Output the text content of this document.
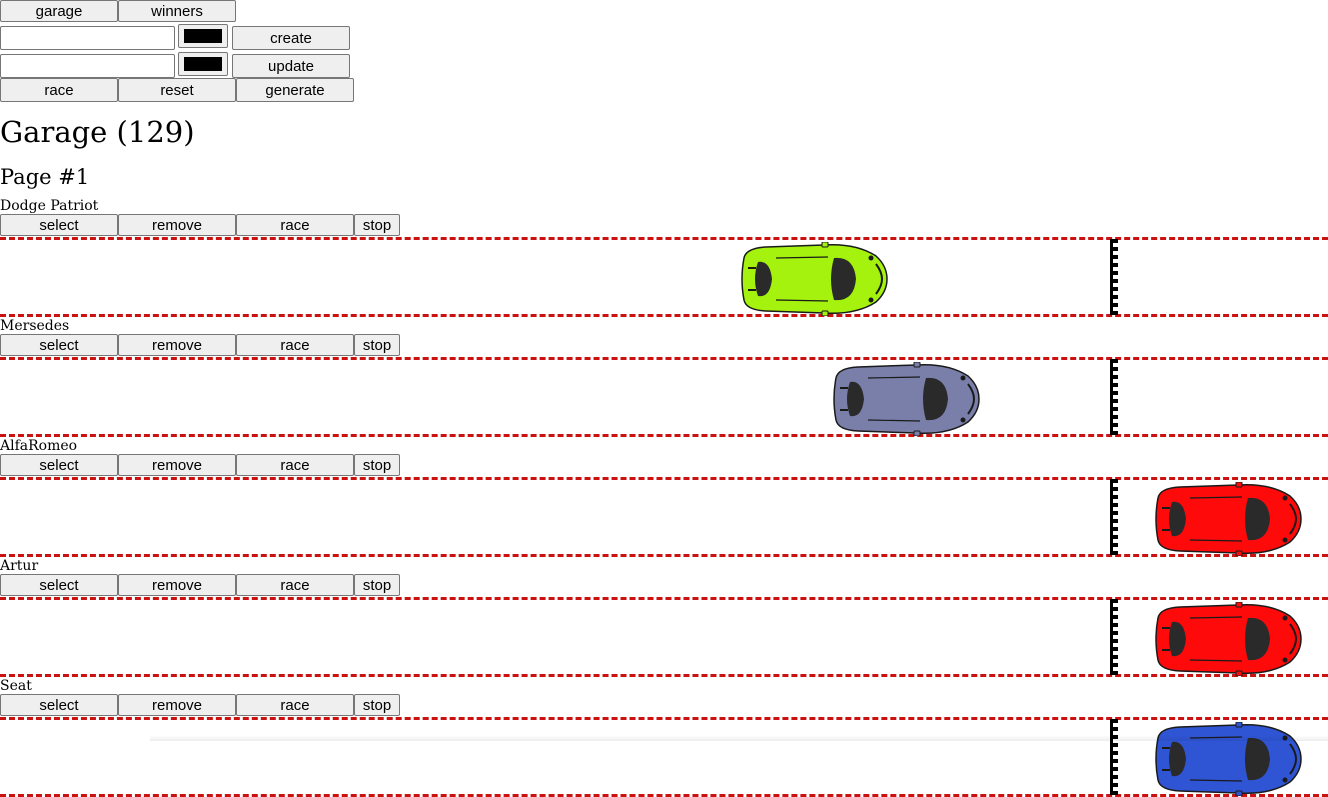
garage	winners
create
update
race	reset	generate
Garage (129)
Page #1
Dodge Patriot
select	remove	race	stop
Mersedes
select	remove	race	stop
AlfaRomeo
select	remove	race	stop
Artur
select	remove	race	stop
Seat
select	remove	race	stop
